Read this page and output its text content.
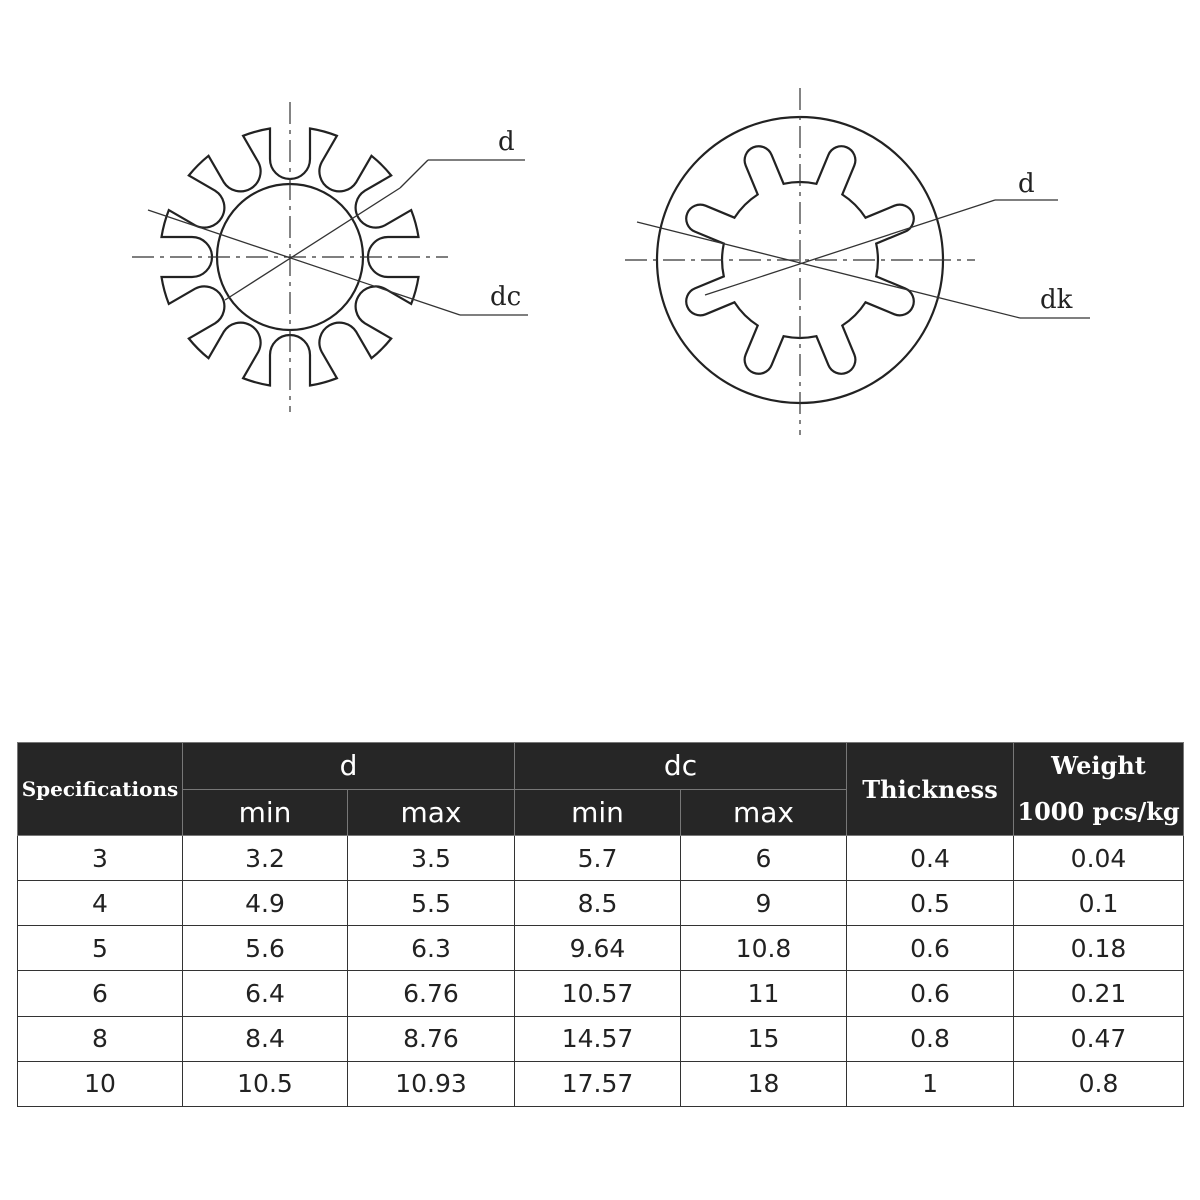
d
dc
d
dk
Specifications	d		dc		Thickness	Weight
1000 pcs/kg

	min	max	min	max		
3	3.2	3.5	5.7	6	0.4	0.04
4	4.9	5.5	8.5	9	0.5	0.1
5	5.6	6.3	9.64	10.8	0.6	0.18
6	6.4	6.76	10.57	11	0.6	0.21
8	8.4	8.76	14.57	15	0.8	0.47
10	10.5	10.93	17.57	18	1	0.8
